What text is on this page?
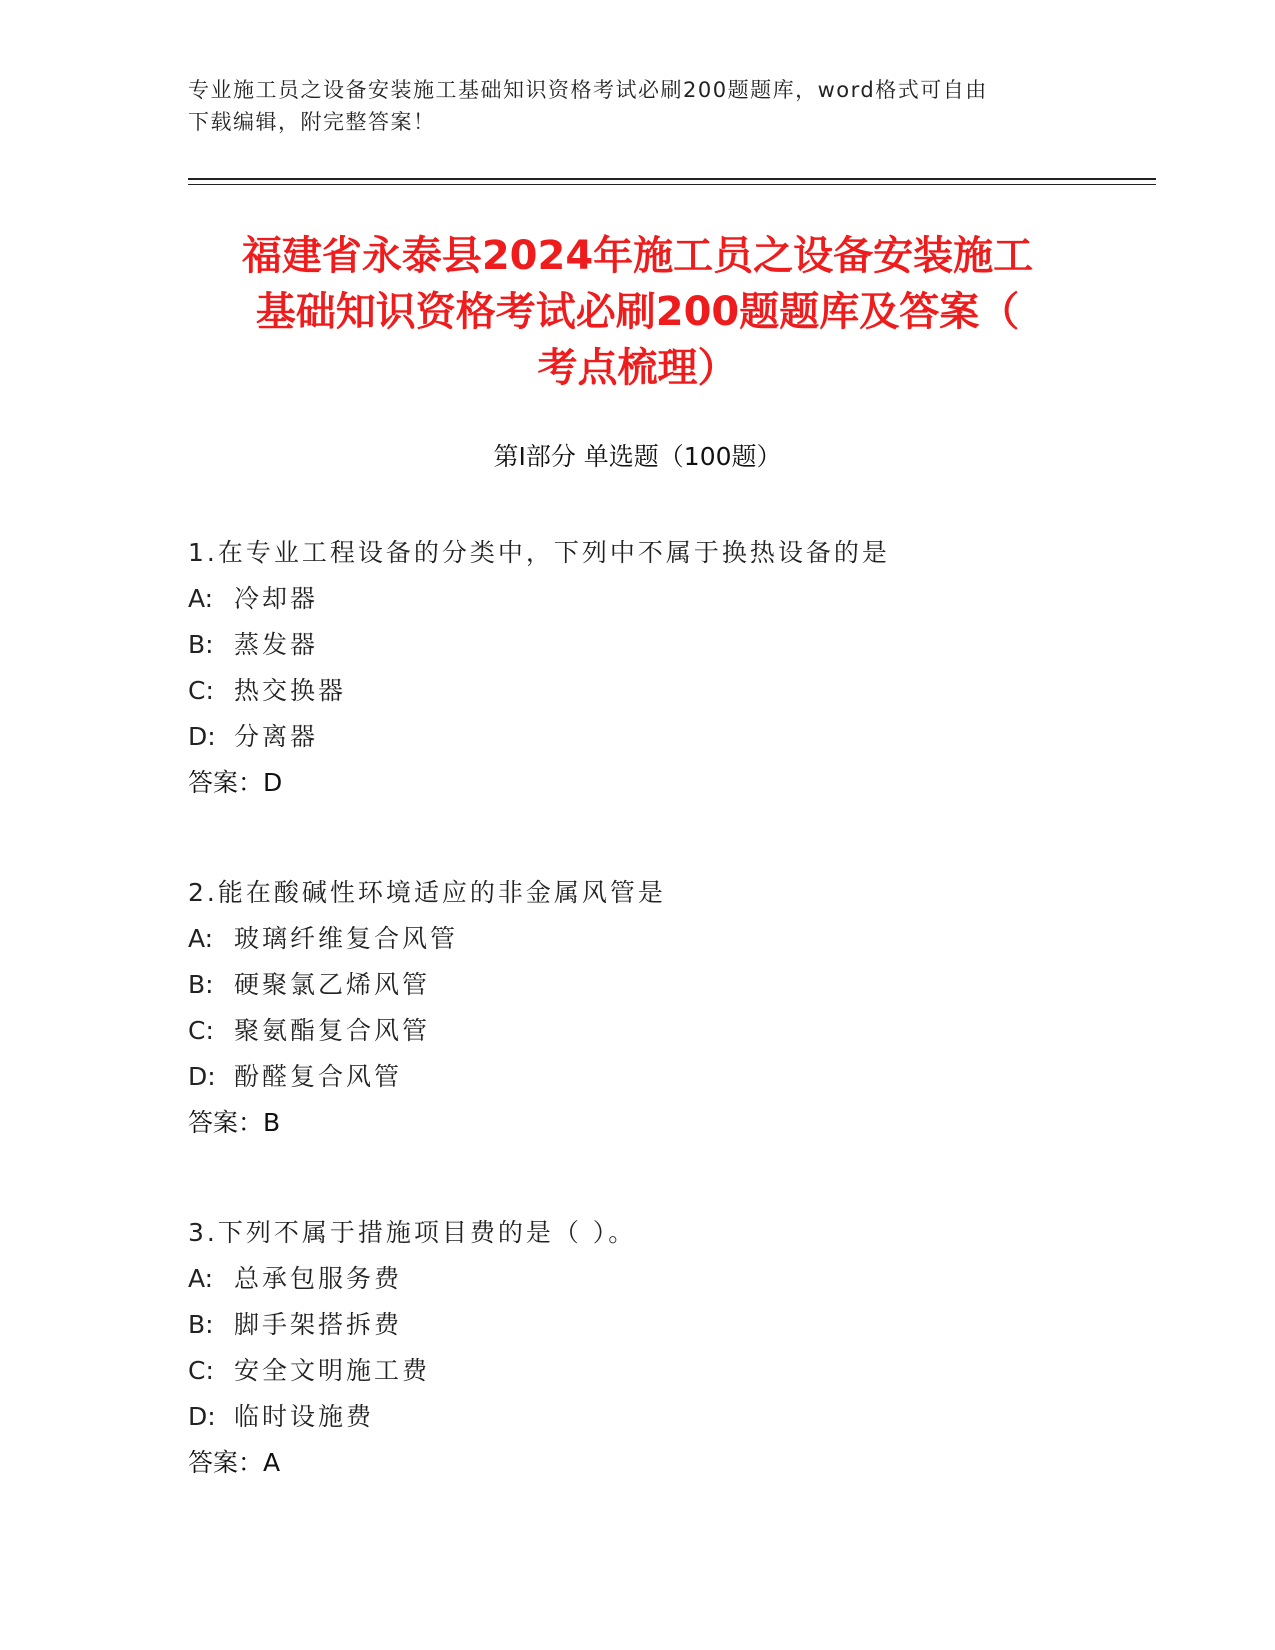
专业施工员之设备安装施工基础知识资格考试必刷200题题库，word格式可自由
下载编辑，附完整答案！
福建省永泰县2024年施工员之设备安装施工
基础知识资格考试必刷200题题库及答案（
考点梳理）
第I部分 单选题（100题）
1.在专业工程设备的分类中，下列中不属于换热设备的是
A: 冷却器
B: 蒸发器
C: 热交换器
D: 分离器
答案：D
2.能在酸碱性环境适应的非金属风管是
A: 玻璃纤维复合风管
B: 硬聚氯乙烯风管
C: 聚氨酯复合风管
D: 酚醛复合风管
答案：B
3.下列不属于措施项目费的是（ ）。
A: 总承包服务费
B: 脚手架搭拆费
C: 安全文明施工费
D: 临时设施费
答案：A
